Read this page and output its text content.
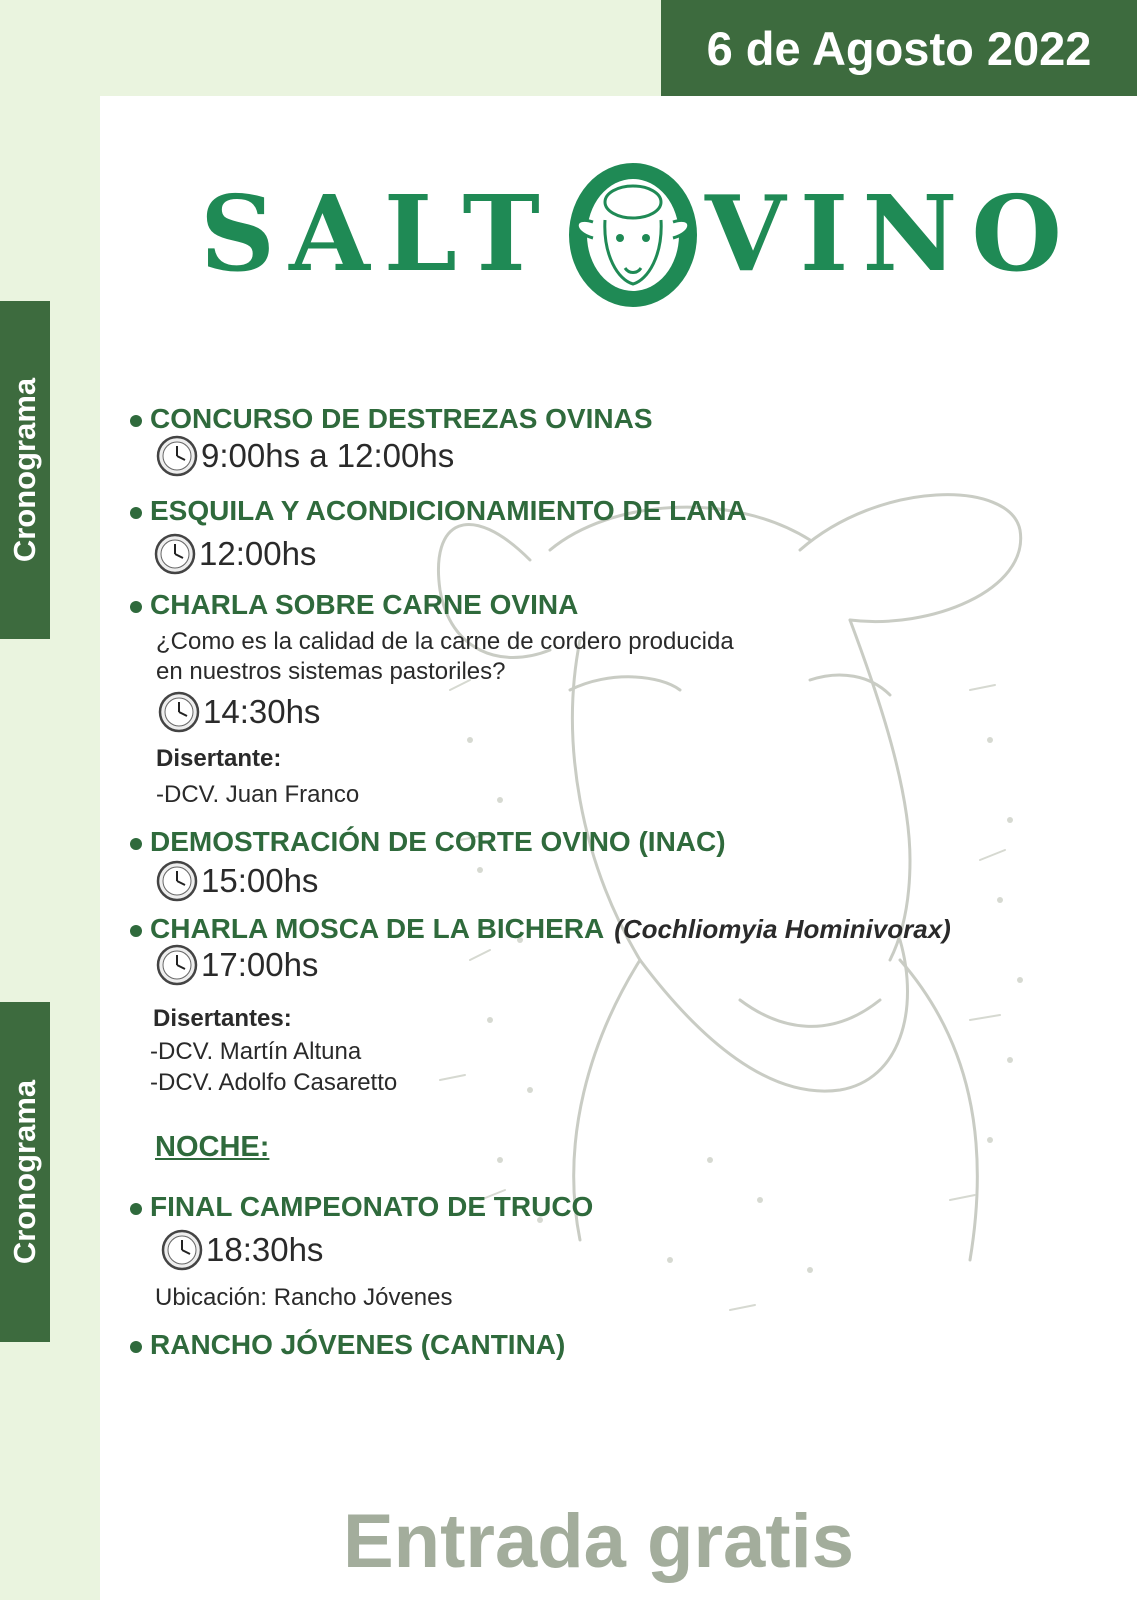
6 de Agosto 2022
Cronograma
Cronograma
SALT VINO
CONCURSO DE DESTREZAS OVINAS
9:00hs a 12:00hs
ESQUILA Y ACONDICIONAMIENTO DE LANA
12:00hs
CHARLA SOBRE CARNE OVINA
¿Como es la calidad de la carne de cordero producida
en nuestros sistemas pastoriles?
14:30hs
Disertante:
-DCV. Juan Franco
DEMOSTRACIÓN DE CORTE OVINO (INAC)
15:00hs
CHARLA MOSCA DE LA BICHERA (Cochliomyia Hominivorax)
17:00hs
Disertantes:
-DCV. Martín Altuna
-DCV. Adolfo Casaretto
NOCHE:
FINAL CAMPEONATO DE TRUCO
18:30hs
Ubicación: Rancho Jóvenes
RANCHO JÓVENES (CANTINA)
Entrada gratis
